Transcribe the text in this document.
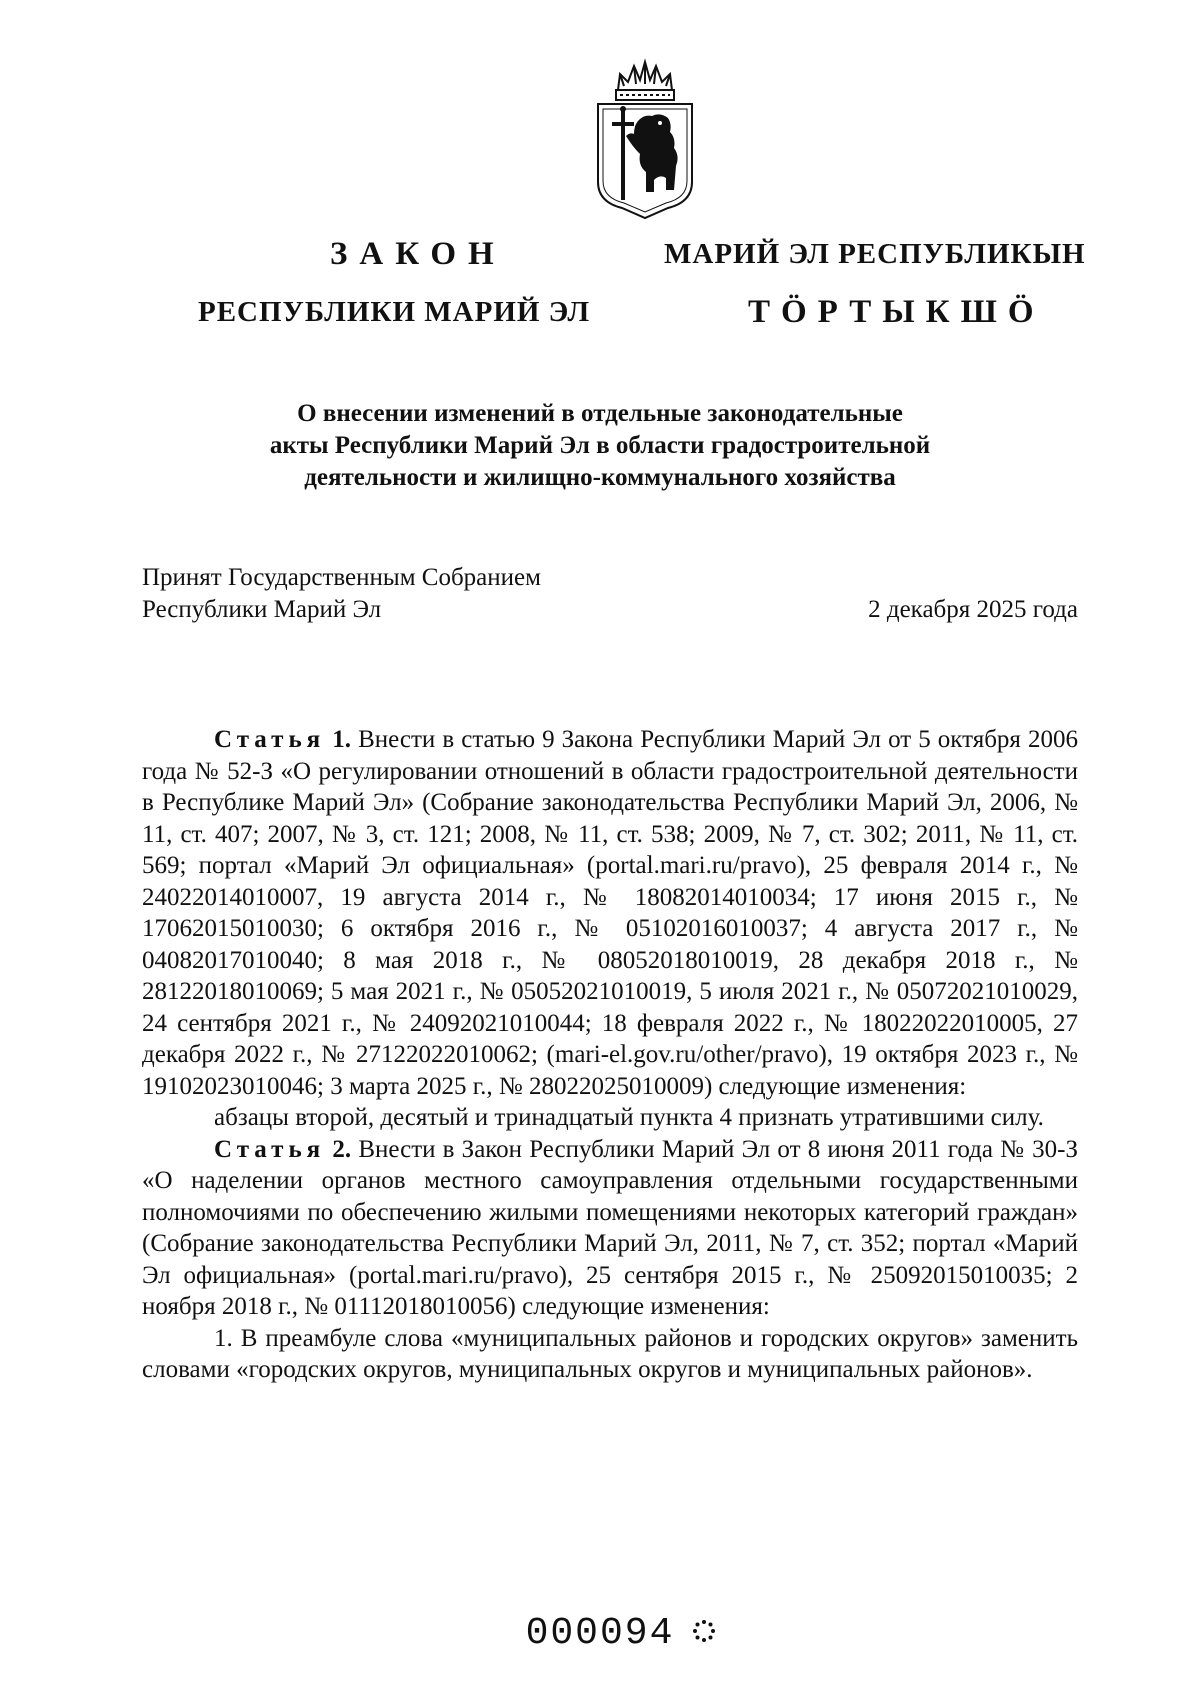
ЗАКОН	МАРИЙ ЭЛ РЕСПУБЛИКЫН
РЕСПУБЛИКИ МАРИЙ ЭЛ	ТӦРТЫКШӦ
О внесении изменений в отдельные законодательные
акты Республики Марий Эл в области градостроительной
деятельности и жилищно-коммунального хозяйства
Принят Государственным Собранием
Республики Марий Эл	2 декабря 2025 года

Статья 1. Внести в статью 9 Закона Республики Марий Эл от 5 октября 2006 года № 52-З «О регулировании отношений в области градостроительной деятельности в Республике Марий Эл» (Собрание законодательства Республики Марий Эл, 2006, № 11, ст. 407; 2007, № 3, ст. 121; 2008, № 11, ст. 538; 2009, № 7, ст. 302; 2011, № 11, ст. 569; портал «Марий Эл официальная» (portal.mari.ru/pravo), 25 февраля 2014 г., № 24022014010007, 19 августа 2014 г., № 18082014010034; 17 июня 2015 г., № 17062015010030; 6 октября 2016 г., № 05102016010037; 4 августа 2017 г., № 04082017010040; 8 мая 2018 г., № 08052018010019, 28 декабря 2018 г., № 28122018010069; 5 мая 2021 г., № 05052021010019, 5 июля 2021 г., № 05072021010029, 24 сентября 2021 г., № 24092021010044; 18 февраля 2022 г., № 18022022010005, 27 декабря 2022 г., № 27122022010062; (mari-el.gov.ru/other/pravo), 19 октября 2023 г., № 19102023010046; 3 марта 2025 г., № 28022025010009) следующие изменения:

абзацы второй, десятый и тринадцатый пункта 4 признать утратившими силу.

Статья 2. Внести в Закон Республики Марий Эл от 8 июня 2011 года № 30-З «О наделении органов местного самоуправления отдельными государственными полномочиями по обеспечению жилыми помещениями некоторых категорий граждан» (Собрание законодательства Республики Марий Эл, 2011, № 7, ст. 352; портал «Марий Эл официальная» (portal.mari.ru/pravo), 25 сентября 2015 г., № 25092015010035; 2 ноября 2018 г., № 01112018010056) следующие изменения:

1. В преамбуле слова «муниципальных районов и городских округов» заменить словами «городских округов, муниципальных округов и муниципальных районов».

000094
